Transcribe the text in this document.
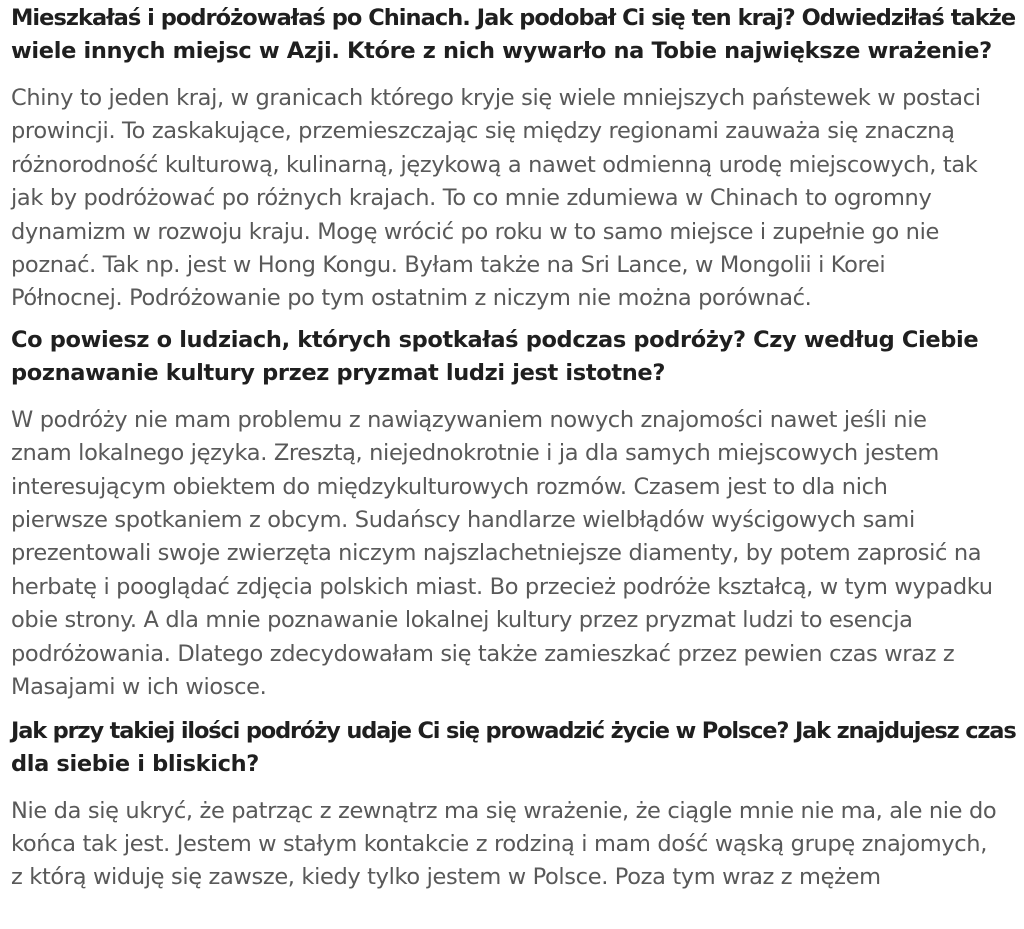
Mieszkałaś i podróżowałaś po Chinach. Jak podobał Ci się ten kraj? Odwiedziłaś także
wiele innych miejsc w Azji. Które z nich wywarło na Tobie największe wrażenie?

Chiny to jeden kraj, w granicach którego kryje się wiele mniejszych państewek w postaci
prowincji. To zaskakujące, przemieszczając się między regionami zauważa się znaczną
różnorodność kulturową, kulinarną, językową a nawet odmienną urodę miejscowych, tak
jak by podróżować po różnych krajach. To co mnie zdumiewa w Chinach to ogromny
dynamizm w rozwoju kraju. Mogę wrócić po roku w to samo miejsce i zupełnie go nie
poznać. Tak np. jest w Hong Kongu. Byłam także na Sri Lance, w Mongolii i Korei
Północnej. Podróżowanie po tym ostatnim z niczym nie można porównać.

Co powiesz o ludziach, których spotkałaś podczas podróży? Czy według Ciebie
poznawanie kultury przez pryzmat ludzi jest istotne?

W podróży nie mam problemu z nawiązywaniem nowych znajomości nawet jeśli nie
znam lokalnego języka. Zresztą, niejednokrotnie i ja dla samych miejscowych jestem
interesującym obiektem do międzykulturowych rozmów. Czasem jest to dla nich
pierwsze spotkaniem z obcym. Sudańscy handlarze wielbłądów wyścigowych sami
prezentowali swoje zwierzęta niczym najszlachetniejsze diamenty, by potem zaprosić na
herbatę i pooglądać zdjęcia polskich miast. Bo przecież podróże kształcą, w tym wypadku
obie strony. A dla mnie poznawanie lokalnej kultury przez pryzmat ludzi to esencja
podróżowania. Dlatego zdecydowałam się także zamieszkać przez pewien czas wraz z
Masajami w ich wiosce.

Jak przy takiej ilości podróży udaje Ci się prowadzić życie w Polsce? Jak znajdujesz czas
dla siebie i bliskich?

Nie da się ukryć, że patrząc z zewnątrz ma się wrażenie, że ciągle mnie nie ma, ale nie do
końca tak jest. Jestem w stałym kontakcie z rodziną i mam dość wąską grupę znajomych,
z którą widuję się zawsze, kiedy tylko jestem w Polsce. Poza tym wraz z mężem
